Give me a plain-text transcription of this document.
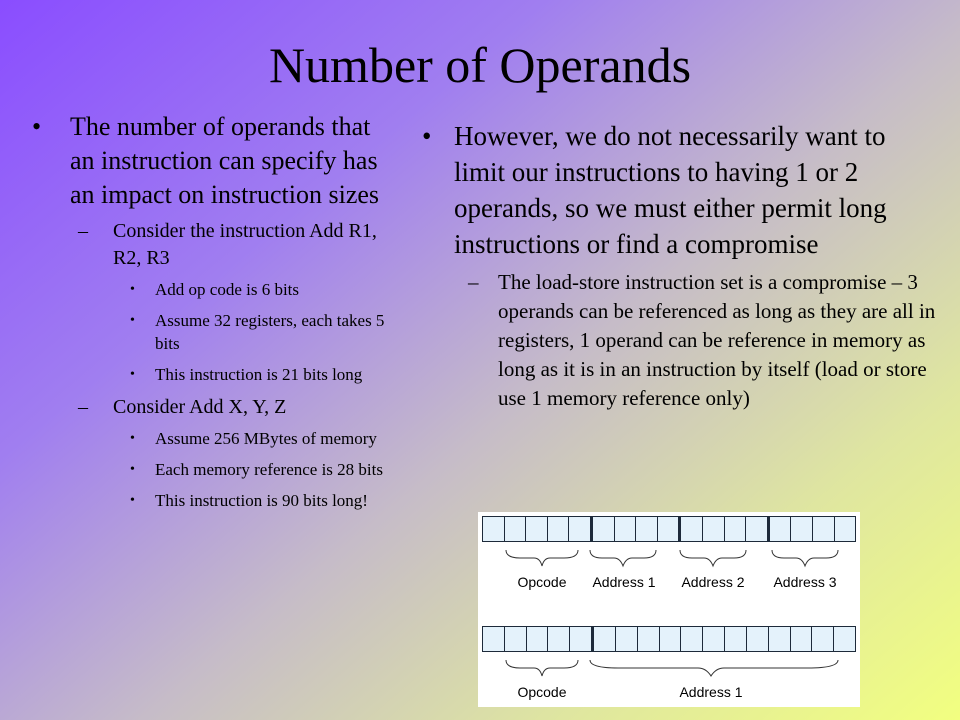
Number of Operands
• The number of operands that an instruction can specify has an impact on instruction sizes
– Consider the instruction Add R1, R2, R3
• Add op code is 6 bits
• Assume 32 registers, each takes 5 bits
• This instruction is 21 bits long
– Consider Add X, Y, Z
• Assume 256 MBytes of memory
• Each memory reference is 28 bits
• This instruction is 90 bits long!
• However, we do not necessarily want to limit our instructions to having 1 or 2 operands, so we must either permit long instructions or find a compromise
– The load-store instruction set is a compromise – 3 operands can be referenced as long as they are all in registers, 1 operand can be reference in memory as long as it is in an instruction by itself (load or store use 1 memory reference only)
Opcode	Address 1	Address 2	Address 3
Opcode	Address 1
